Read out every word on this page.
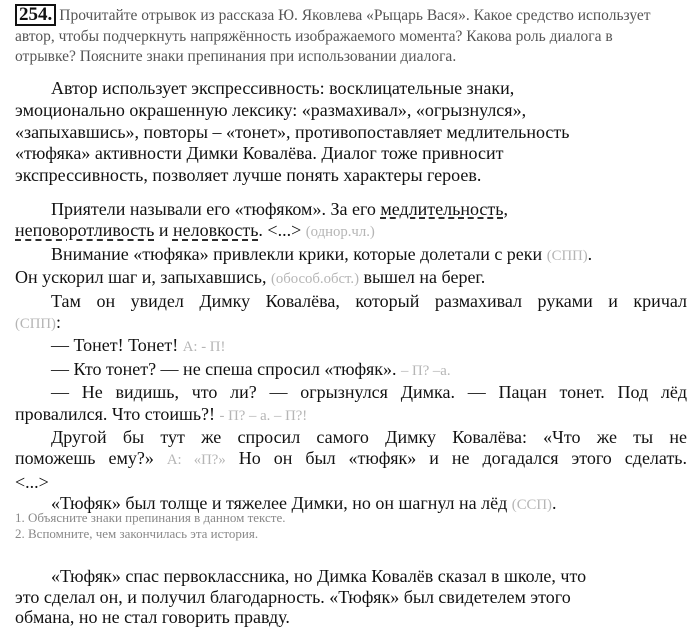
254. Прочитайте отрывок из рассказа Ю. Яковлева «Рыцарь Вася». Какое средство использует
автор, чтобы подчеркнуть напряжённость изображаемого момента? Какова роль диалога в
отрывке? Поясните знаки препинания при использовании диалога.
  Автор использует экспрессивность: восклицательные знаки,
эмоционально окрашенную лексику: «размахивал», «огрызнулся»,
«запыхавшись», повторы – «тонет», противопоставляет медлительность
«тюфяка» активности Димки Ковалёва. Диалог тоже привносит
экспрессивность, позволяет лучше понять характеры героев.
  Приятели называли его «тюфяком». За его медлительность,
неповоротливость и неловкость. <...> (однор.чл.)
  Внимание «тюфяка» привлекли крики, которые долетали с реки (СПП).
Он ускорил шаг и, запыхавшись, (обособ.обст.) вышел на берег.
  Там он увидел Димку Ковалёва, который размахивал руками и кричал
(СПП):
  — Тонет! Тонет! А: - П!
  — Кто тонет? — не спеша спросил «тюфяк». – П? –а.
  — Не видишь, что ли? — огрызнулся Димка. — Пацан тонет. Под лёд
провалился. Что стоишь?! - П? – а. – П?!
  Другой бы тут же спросил самого Димку Ковалёва: «Что же ты не
поможешь ему?» А: «П?» Но он был «тюфяк» и не догадался этого сделать.
<...>
  «Тюфяк» был толще и тяжелее Димки, но он шагнул на лёд (ССП).
1. Объясните знаки препинания в данном тексте.
2. Вспомните, чем закончилась эта история.
  «Тюфяк» спас первоклассника, но Димка Ковалёв сказал в школе, что
это сделал он, и получил благодарность. «Тюфяк» был свидетелем этого
обмана, но не стал говорить правду.
